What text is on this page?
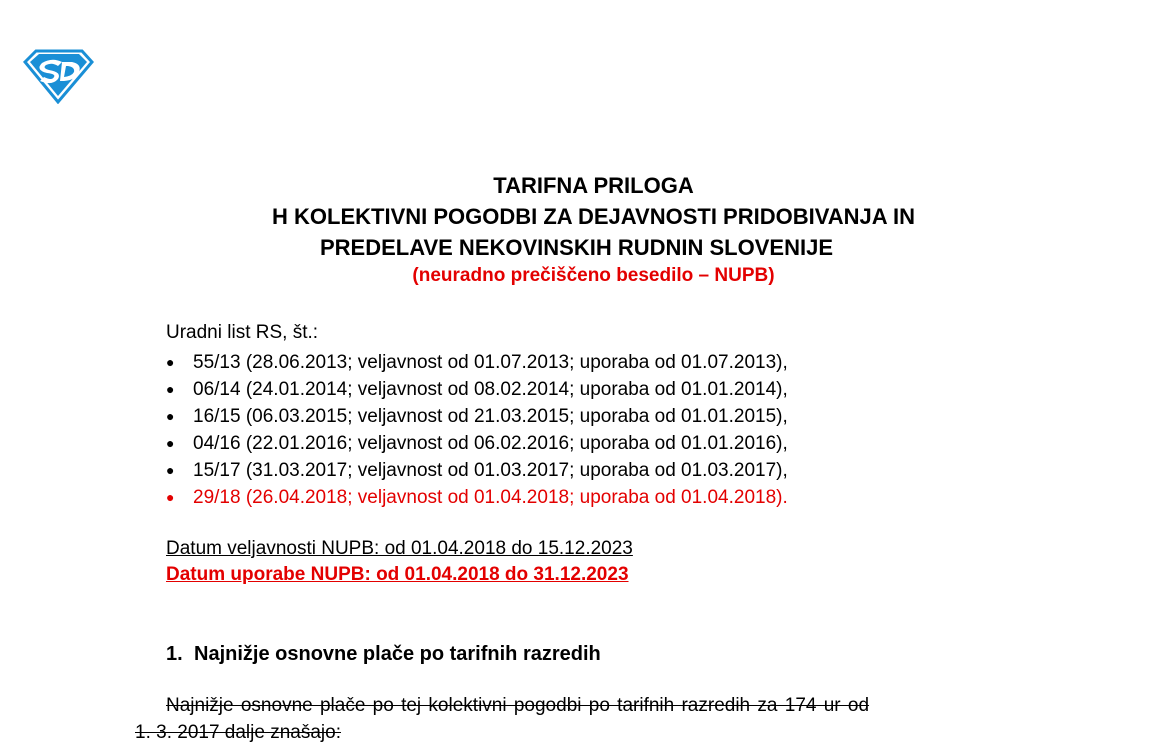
TARIFNA PRILOGA
H KOLEKTIVNI POGODBI ZA DEJAVNOSTI PRIDOBIVANJA IN
PREDELAVE NEKOVINSKIH RUDNIN SLOVENIJE
(neuradno prečiščeno besedilo – NUPB)
Uradni list RS, št.:
● 55/13 (28.06.2013; veljavnost od 01.07.2013; uporaba od 01.07.2013),
● 06/14 (24.01.2014; veljavnost od 08.02.2014; uporaba od 01.01.2014),
● 16/15 (06.03.2015; veljavnost od 21.03.2015; uporaba od 01.01.2015),
● 04/16 (22.01.2016; veljavnost od 06.02.2016; uporaba od 01.01.2016),
● 15/17 (31.03.2017; veljavnost od 01.03.2017; uporaba od 01.03.2017),
● 29/18 (26.04.2018; veljavnost od 01.04.2018; uporaba od 01.04.2018).
Datum veljavnosti NUPB: od 01.04.2018 do 15.12.2023
Datum uporabe NUPB: od 01.04.2018 do 31.12.2023
1. Najnižje osnovne plače po tarifnih razredih
Najnižje osnovne plače po tej kolektivni pogodbi po tarifnih razredih za 174 ur od
1. 3. 2017 dalje znašajo:
